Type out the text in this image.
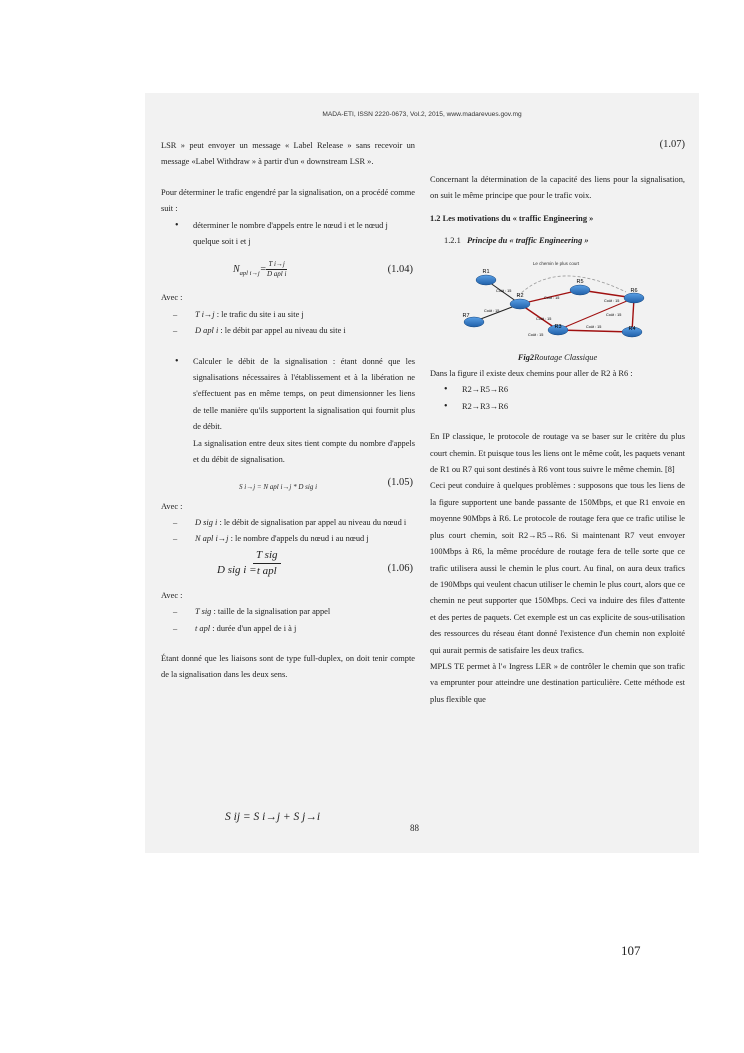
MADA-ETI, ISSN 2220-0673, Vol.2, 2015, www.madarevues.gov.mg

LSR » peut envoyer un message « Label Release » sans recevoir un message «Label Withdraw » à partir d'un « downstream LSR ».

Pour déterminer le trafic engendré par la signalisation, on a procédé comme suit :

• déterminer le nombre d'appels entre le nœud i et le nœud j quelque soit i et j
$N_{apl i\to j}= \frac{\text{T i→j}}{\text{D apl i}}$	(1.04)

Avec :

– T i→j : le trafic du site i au site j
– D apl i : le débit par appel au niveau du site i
• Calculer le débit de la signalisation : étant donné que les signalisations nécessaires à l'établissement et à la libération ne s'effectuent pas en même temps, on peut dimensionner les liens de telle manière qu'ils supportent la signalisation qui fournit plus de débit.

La signalisation entre deux sites tient compte du nombre d'appels et du débit de signalisation.

S i→j = N apl i→j * D sig i	(1.05)

Avec :

– D sig i : le débit de signalisation par appel au niveau du nœud i
– N apl i→j : le nombre d'appels du nœud i au nœud j
D sig i =
T sig
t apl	(1.06)

Avec :

– T sig : taille de la signalisation par appel
– t apl : durée d'un appel de i à j

Étant donné que les liaisons sont de type full-duplex, on doit tenir compte de la signalisation dans les deux sens.

S ij = S i→j + S j→i
88
(1.07)

Concernant la détermination de la capacité des liens pour la signalisation, on suit le même principe que pour le trafic voix.

1.2 Les motivations du « traffic Engineering »

1.2.1 Principe du « traffic Engineering »

Le chemin le plus court
R1
R2
R3	R4
R5
R6
R7
Coût : 15
Coût : 15
Coût : 15
Coût : 15
Coût : 15
Coût : 15
Coût : 15
Coût : 15

Fig2Routage Classique

Dans la figure il existe deux chemins pour aller de R2 à R6 :

• R2→R5→R6
• R2→R3→R6

En IP classique, le protocole de routage va se baser sur le critère du plus court chemin. Et puisque tous les liens ont le même coût, les paquets venant de R1 ou R7 qui sont destinés à R6 vont tous suivre le même chemin. [8]

Ceci peut conduire à quelques problèmes : supposons que tous les liens de la figure supportent une bande passante de 150Mbps, et que R1 envoie en moyenne 90Mbps à R6. Le protocole de routage fera que ce trafic utilise le plus court chemin, soit R2→R5→R6. Si maintenant R7 veut envoyer 100Mbps à R6, la même procédure de routage fera de telle sorte que ce trafic utilisera aussi le chemin le plus court. Au final, on aura deux trafics de 190Mbps qui veulent chacun utiliser le chemin le plus court, alors que ce chemin ne peut supporter que 150Mbps. Ceci va induire des files d'attente et des pertes de paquets. Cet exemple est un cas explicite de sous-utilisation des ressources du réseau étant donné l'existence d'un chemin non exploité qui aurait permis de satisfaire les deux trafics.

MPLS TE permet à l'« Ingress LER » de contrôler le chemin que son trafic va emprunter pour atteindre une destination particulière. Cette méthode est plus flexible que

107
